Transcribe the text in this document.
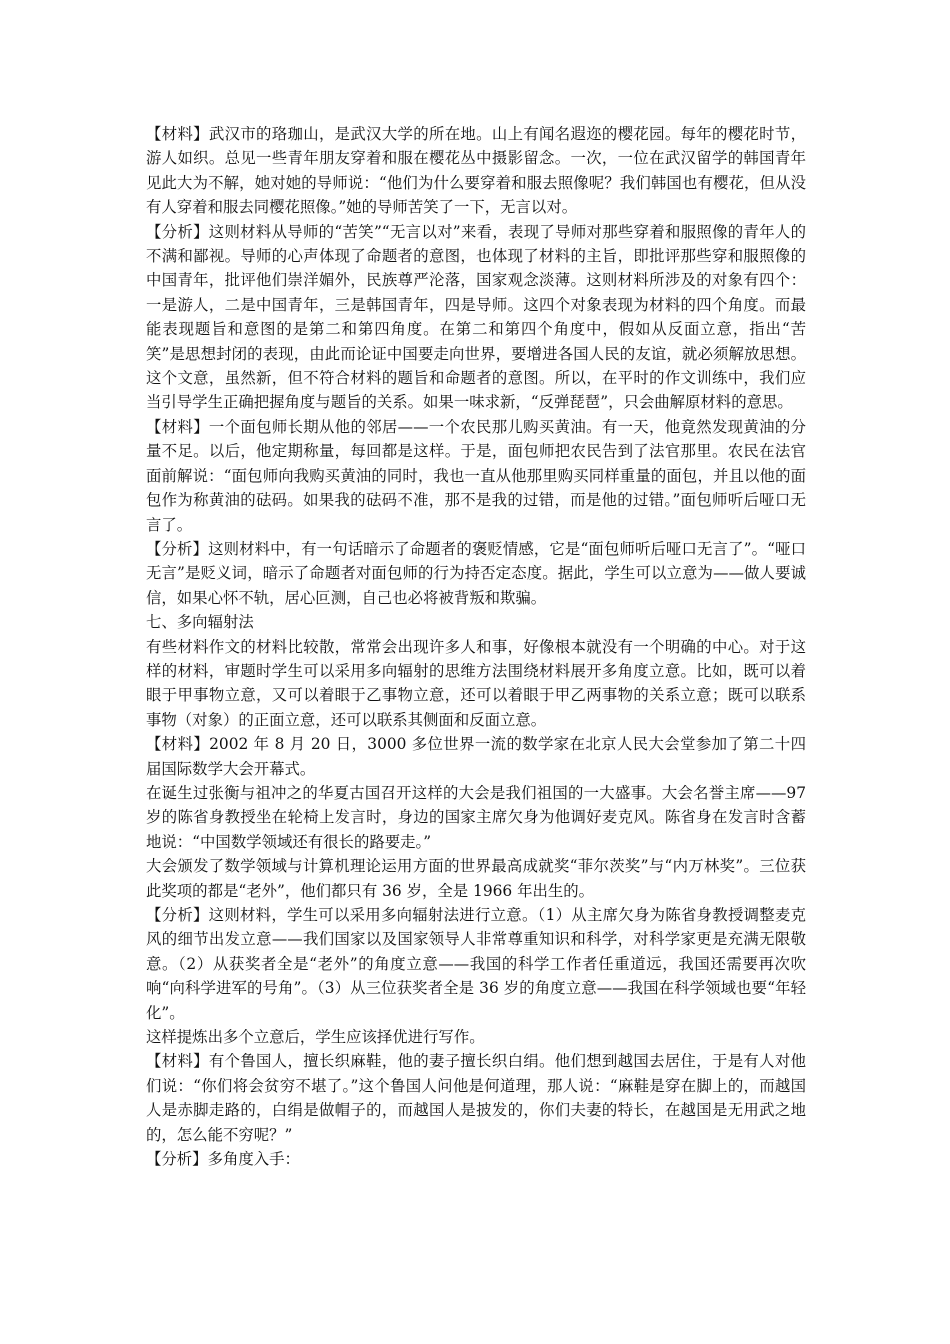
【材料】武汉市的珞珈山，是武汉大学的所在地。山上有闻名遐迩的樱花园。每年的樱花时节，游人如织。总见一些青年朋友穿着和服在樱花丛中摄影留念。一次，一位在武汉留学的韩国青年见此大为不解，她对她的导师说：“他们为什么要穿着和服去照像呢？我们韩国也有樱花，但从没有人穿着和服去同樱花照像。”她的导师苦笑了一下，无言以对。

【分析】这则材料从导师的“苦笑”“无言以对”来看，表现了导师对那些穿着和服照像的青年人的不满和鄙视。导师的心声体现了命题者的意图，也体现了材料的主旨，即批评那些穿和服照像的中国青年，批评他们崇洋媚外，民族尊严沦落，国家观念淡薄。这则材料所涉及的对象有四个：一是游人，二是中国青年，三是韩国青年，四是导师。这四个对象表现为材料的四个角度。而最能表现题旨和意图的是第二和第四角度。在第二和第四个角度中，假如从反面立意，指出“苦笑”是思想封闭的表现，由此而论证中国要走向世界，要增进各国人民的友谊，就必须解放思想。这个文意，虽然新，但不符合材料的题旨和命题者的意图。所以，在平时的作文训练中，我们应当引导学生正确把握角度与题旨的关系。如果一味求新，“反弹琵琶”，只会曲解原材料的意思。

【材料】一个面包师长期从他的邻居——一个农民那儿购买黄油。有一天，他竟然发现黄油的分量不足。以后，他定期称量，每回都是这样。于是，面包师把农民告到了法官那里。农民在法官面前解说：“面包师向我购买黄油的同时，我也一直从他那里购买同样重量的面包，并且以他的面包作为称黄油的砝码。如果我的砝码不准，那不是我的过错，而是他的过错。”面包师听后哑口无言了。

【分析】这则材料中，有一句话暗示了命题者的褒贬情感，它是“面包师听后哑口无言了”。“哑口无言”是贬义词，暗示了命题者对面包师的行为持否定态度。据此，学生可以立意为——做人要诚信，如果心怀不轨，居心叵测，自己也必将被背叛和欺骗。

七、多向辐射法

有些材料作文的材料比较散，常常会出现许多人和事，好像根本就没有一个明确的中心。对于这样的材料，审题时学生可以采用多向辐射的思维方法围绕材料展开多角度立意。比如，既可以着眼于甲事物立意，又可以着眼于乙事物立意，还可以着眼于甲乙两事物的关系立意；既可以联系事物（对象）的正面立意，还可以联系其侧面和反面立意。

【材料】2002 年 8 月 20 日，3000 多位世界一流的数学家在北京人民大会堂参加了第二十四届国际数学大会开幕式。

在诞生过张衡与祖冲之的华夏古国召开这样的大会是我们祖国的一大盛事。大会名誉主席——97 岁的陈省身教授坐在轮椅上发言时，身边的国家主席欠身为他调好麦克风。陈省身在发言时含蓄地说：“中国数学领域还有很长的路要走。”

大会颁发了数学领域与计算机理论运用方面的世界最高成就奖“菲尔茨奖”与“内万林奖”。三位获此奖项的都是“老外”，他们都只有 36 岁，全是 1966 年出生的。

【分析】这则材料，学生可以采用多向辐射法进行立意。（1）从主席欠身为陈省身教授调整麦克风的细节出发立意——我们国家以及国家领导人非常尊重知识和科学，对科学家更是充满无限敬意。（2）从获奖者全是“老外”的角度立意——我国的科学工作者任重道远，我国还需要再次吹响“向科学进军的号角”。（3）从三位获奖者全是 36 岁的角度立意——我国在科学领域也要“年轻化”。

这样提炼出多个立意后，学生应该择优进行写作。

【材料】有个鲁国人，擅长织麻鞋，他的妻子擅长织白绢。他们想到越国去居住，于是有人对他们说：“你们将会贫穷不堪了。”这个鲁国人问他是何道理，那人说：“麻鞋是穿在脚上的，而越国人是赤脚走路的，白绢是做帽子的，而越国人是披发的，你们夫妻的特长，在越国是无用武之地的，怎么能不穷呢？”

【分析】多角度入手：
